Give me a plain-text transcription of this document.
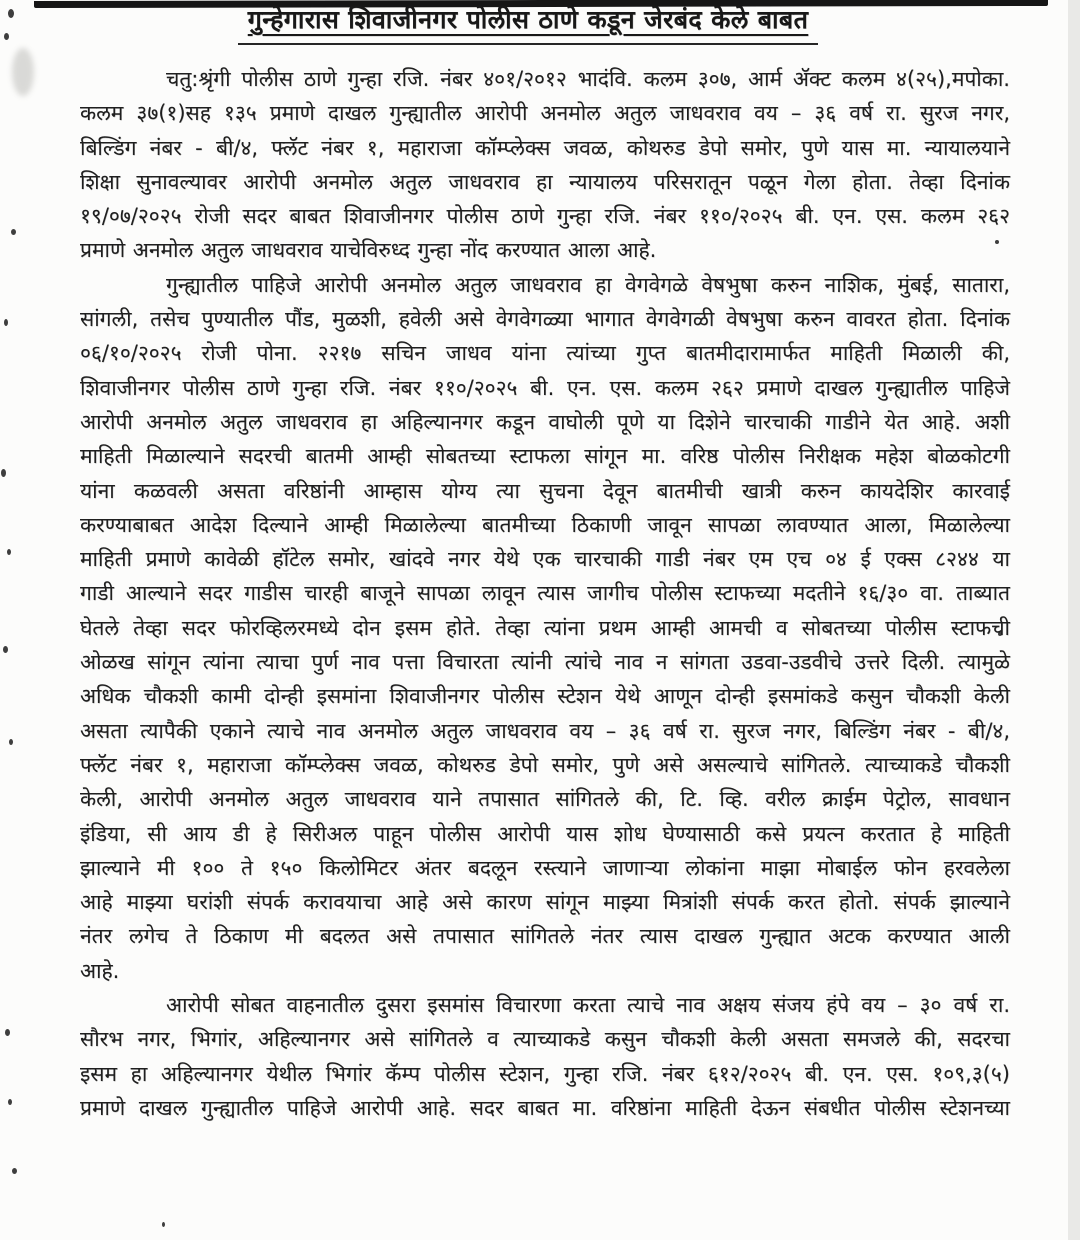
गुन्हेगारास शिवाजीनगर पोलीस ठाणे कडून जेरबंद केले बाबत
चतु:श्रृंगी पोलीस ठाणे गुन्हा रजि. नंबर ४०१/२०१२ भादंवि. कलम ३०७, आर्म ॲक्ट कलम ४(२५),मपोका.
कलम ३७(१)सह १३५ प्रमाणे दाखल गुन्ह्यातील आरोपी अनमोल अतुल जाधवराव वय – ३६ वर्ष रा. सुरज नगर,
बिल्डिंग नंबर - बी/४, फ्लॅट नंबर १, महाराजा कॉम्प्लेक्स जवळ, कोथरुड डेपो समोर, पुणे यास मा. न्यायालयाने
शिक्षा सुनावल्यावर आरोपी अनमोल अतुल जाधवराव हा न्यायालय परिसरातून पळून गेला होता. तेव्हा दिनांक
१९/०७/२०२५ रोजी सदर बाबत शिवाजीनगर पोलीस ठाणे गुन्हा रजि. नंबर ११०/२०२५ बी. एन. एस. कलम २६२
प्रमाणे अनमोल अतुल जाधवराव याचेविरुध्द गुन्हा नोंद करण्यात आला आहे.
गुन्ह्यातील पाहिजे आरोपी अनमोल अतुल जाधवराव हा वेगवेगळे वेषभुषा करुन नाशिक, मुंबई, सातारा,
सांगली, तसेच पुण्यातील पौंड, मुळशी, हवेली असे वेगवेगळ्या भागात वेगवेगळी वेषभुषा करुन वावरत होता. दिनांक
०६/१०/२०२५ रोजी पोना. २२१७ सचिन जाधव यांना त्यांच्या गुप्त बातमीदारामार्फत माहिती मिळाली की,
शिवाजीनगर पोलीस ठाणे गुन्हा रजि. नंबर ११०/२०२५ बी. एन. एस. कलम २६२ प्रमाणे दाखल गुन्ह्यातील पाहिजे
आरोपी अनमोल अतुल जाधवराव हा अहिल्यानगर कडून वाघोली पूणे या दिशेने चारचाकी गाडीने येत आहे. अशी
माहिती मिळाल्याने सदरची बातमी आम्ही सोबतच्या स्टाफला सांगून मा. वरिष्ठ पोलीस निरीक्षक महेश बोळकोटगी
यांना कळवली असता वरिष्ठांनी आम्हास योग्य त्या सुचना देवून बातमीची खात्री करुन कायदेशिर कारवाई
करण्याबाबत आदेश दिल्याने आम्ही मिळालेल्या बातमीच्या ठिकाणी जावून सापळा लावण्यात आला, मिळालेल्या
माहिती प्रमाणे कावेळी हॉटेल समोर, खांदवे नगर येथे एक चारचाकी गाडी नंबर एम एच ०४ ई एक्स ८२४४ या
गाडी आल्याने सदर गाडीस चारही बाजूने सापळा लावून त्यास जागीच पोलीस स्टाफच्या मदतीने १६/३० वा. ताब्यात
घेतले तेव्हा सदर फोरव्हिलरमध्ये दोन इसम होते. तेव्हा त्यांना प्रथम आम्ही आमची व सोबतच्या पोलीस स्टाफची
ओळख सांगून त्यांना त्याचा पुर्ण नाव पत्ता विचारता त्यांनी त्यांचे नाव न सांगता उडवा-उडवीचे उत्तरे दिली. त्यामुळे
अधिक चौकशी कामी दोन्ही इसमांना शिवाजीनगर पोलीस स्टेशन येथे आणून दोन्ही इसमांकडे कसुन चौकशी केली
असता त्यापैकी एकाने त्याचे नाव अनमोल अतुल जाधवराव वय – ३६ वर्ष रा. सुरज नगर, बिल्डिंग नंबर - बी/४,
फ्लॅट नंबर १, महाराजा कॉम्प्लेक्स जवळ, कोथरुड डेपो समोर, पुणे असे असल्याचे सांगितले. त्याच्याकडे चौकशी
केली, आरोपी अनमोल अतुल जाधवराव याने तपासात सांगितले की, टि. व्हि. वरील क्राईम पेट्रोल, सावधान
इंडिया, सी आय डी हे सिरीअल पाहून पोलीस आरोपी यास शोध घेण्यासाठी कसे प्रयत्न करतात हे माहिती
झाल्याने मी १०० ते १५० किलोमिटर अंतर बदलून रस्त्याने जाणाऱ्या लोकांना माझा मोबाईल फोन हरवलेला
आहे माझ्या घरांशी संपर्क करावयाचा आहे असे कारण सांगून माझ्या मित्रांशी संपर्क करत होतो. संपर्क झाल्याने
नंतर लगेच ते ठिकाण मी बदलत असे तपासात सांगितले नंतर त्यास दाखल गुन्ह्यात अटक करण्यात आली
आहे.
आरोपी सोबत वाहनातील दुसरा इसमांस विचारणा करता त्याचे नाव अक्षय संजय हंपे वय – ३० वर्ष रा.
सौरभ नगर, भिगांर, अहिल्यानगर असे सांगितले व त्याच्याकडे कसुन चौकशी केली असता समजले की, सदरचा
इसम हा अहिल्यानगर येथील भिगांर कॅम्प पोलीस स्टेशन, गुन्हा रजि. नंबर ६१२/२०२५ बी. एन. एस. १०९,३(५)
प्रमाणे दाखल गुन्ह्यातील पाहिजे आरोपी आहे. सदर बाबत मा. वरिष्ठांना माहिती देऊन संबधीत पोलीस स्टेशनच्या
